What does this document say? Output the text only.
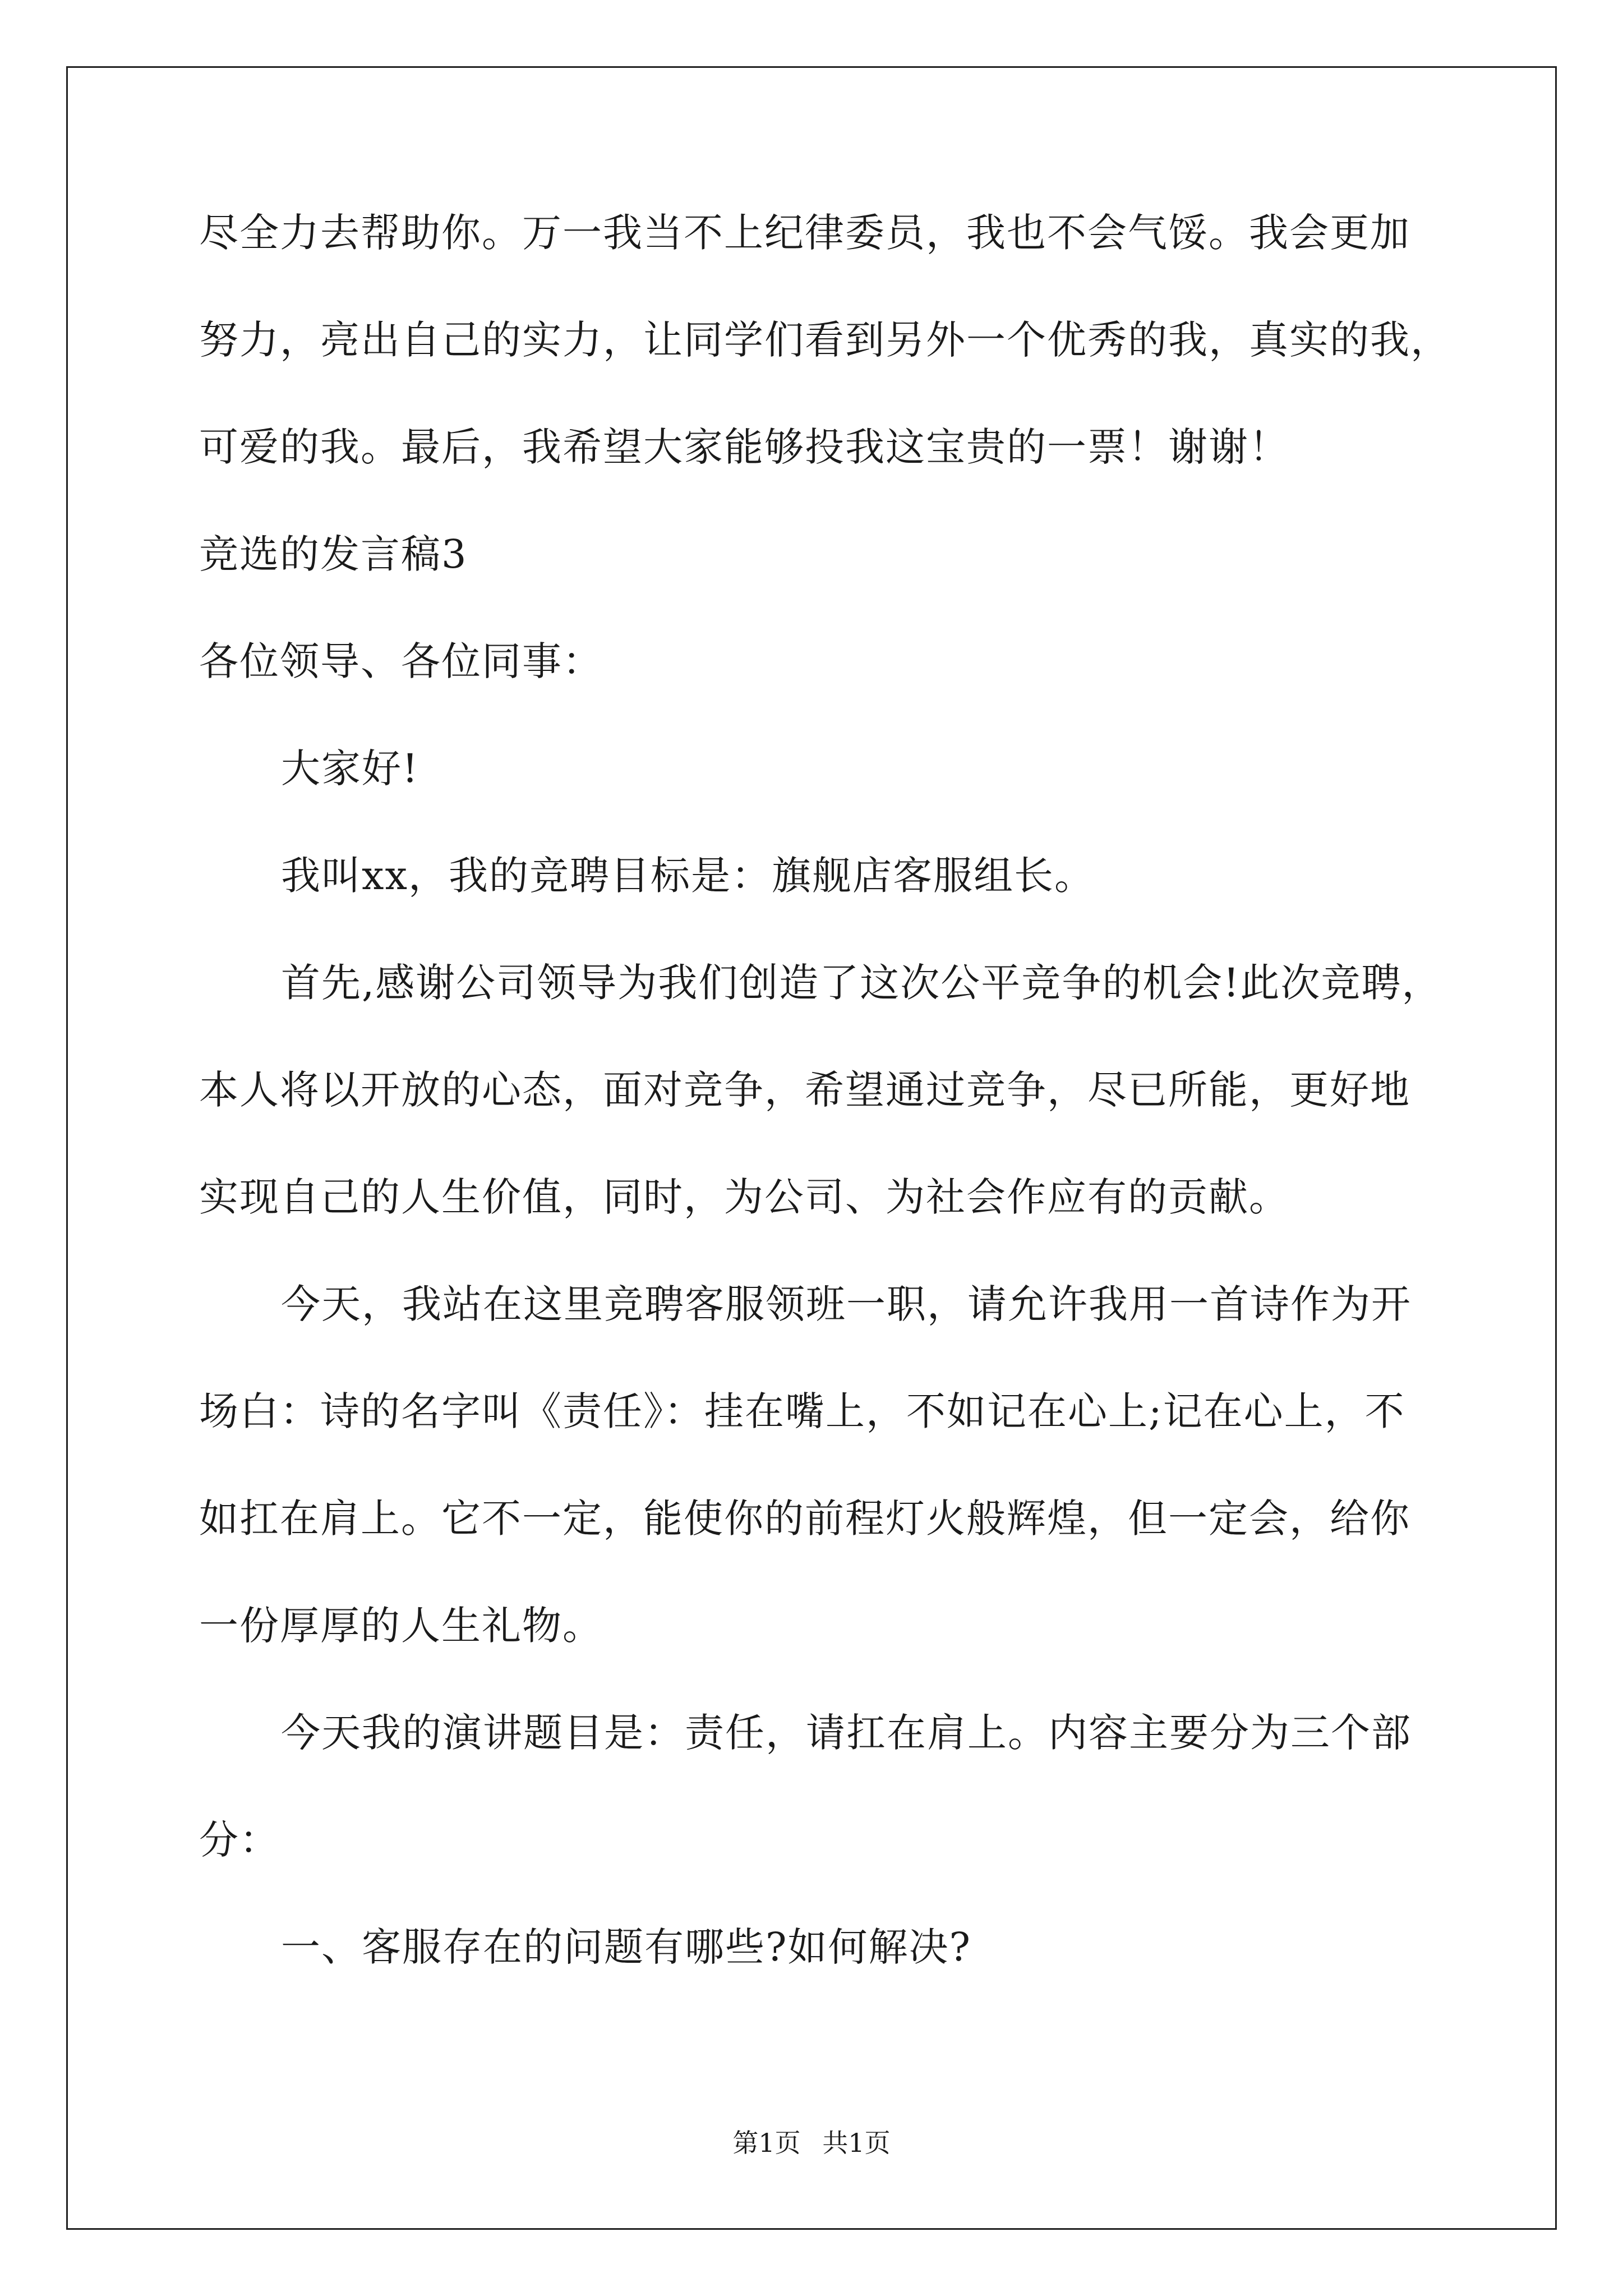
尽全力去帮助你。万一我当不上纪律委员，我也不会气馁。我会更加
努力，亮出自己的实力，让同学们看到另外一个优秀的我，真实的我，
可爱的我。最后，我希望大家能够投我这宝贵的一票！谢谢！
竞选的发言稿3
各位领导、各位同事：
大家好!
我叫xx，我的竞聘目标是：旗舰店客服组长。
首先,感谢公司领导为我们创造了这次公平竞争的机会!此次竞聘，
本人将以开放的心态，面对竞争，希望通过竞争，尽已所能，更好地
实现自己的人生价值，同时，为公司、为社会作应有的贡献。
今天，我站在这里竞聘客服领班一职，请允许我用一首诗作为开
场白：诗的名字叫《责任》：挂在嘴上，不如记在心上;记在心上，不
如扛在肩上。它不一定，能使你的前程灯火般辉煌，但一定会，给你
一份厚厚的人生礼物。
今天我的演讲题目是：责任，请扛在肩上。内容主要分为三个部
分：
一、客服存在的问题有哪些?如何解决?
第1页 共1页
